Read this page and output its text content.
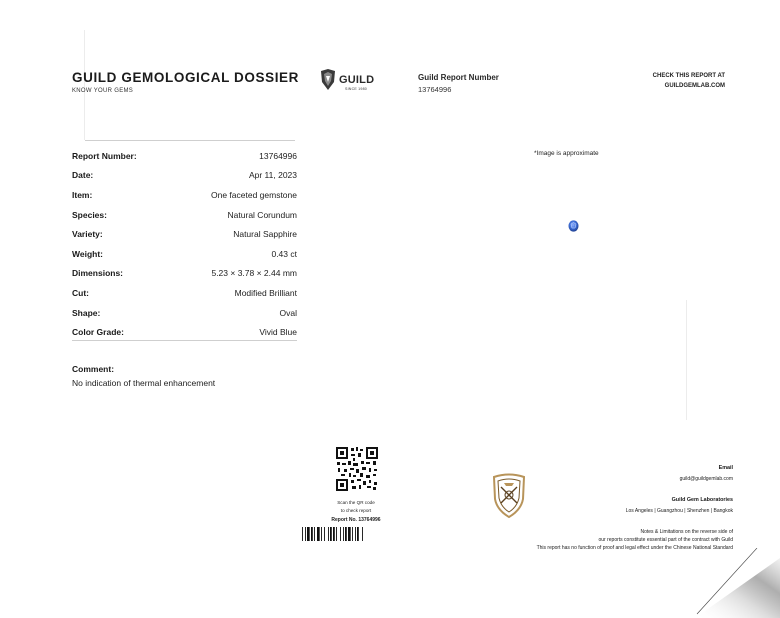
GUILD GEMOLOGICAL DOSSIER
KNOW YOUR GEMS
GUILD
SINCE 1980
Guild Report Number
13764996
CHECK THIS REPORT AT
GUILDGEMLAB.COM
Report Number:	13764996
Date:	Apr 11, 2023
Item:	One faceted gemstone
Species:	Natural Corundum
Variety:	Natural Sapphire
Weight:	0.43 ct
Dimensions:	5.23 × 3.78 × 2.44 mm
Cut:	Modified Brilliant
Shape:	Oval
Color Grade:	Vivid Blue
Comment:
No indication of thermal enhancement
*Image is approximate
Scan the QR code
to check report
Report No. 13764996
Email
guild@guildgemlab.com
Guild Gem Laboratories
Los Angeles | Guangzhou | Shenzhen | Bangkok
Notes & Limitations on the reverse side of
our reports constitute essential part of the contract with Guild
This report has no function of proof and legal effect under the Chinese National Standard
